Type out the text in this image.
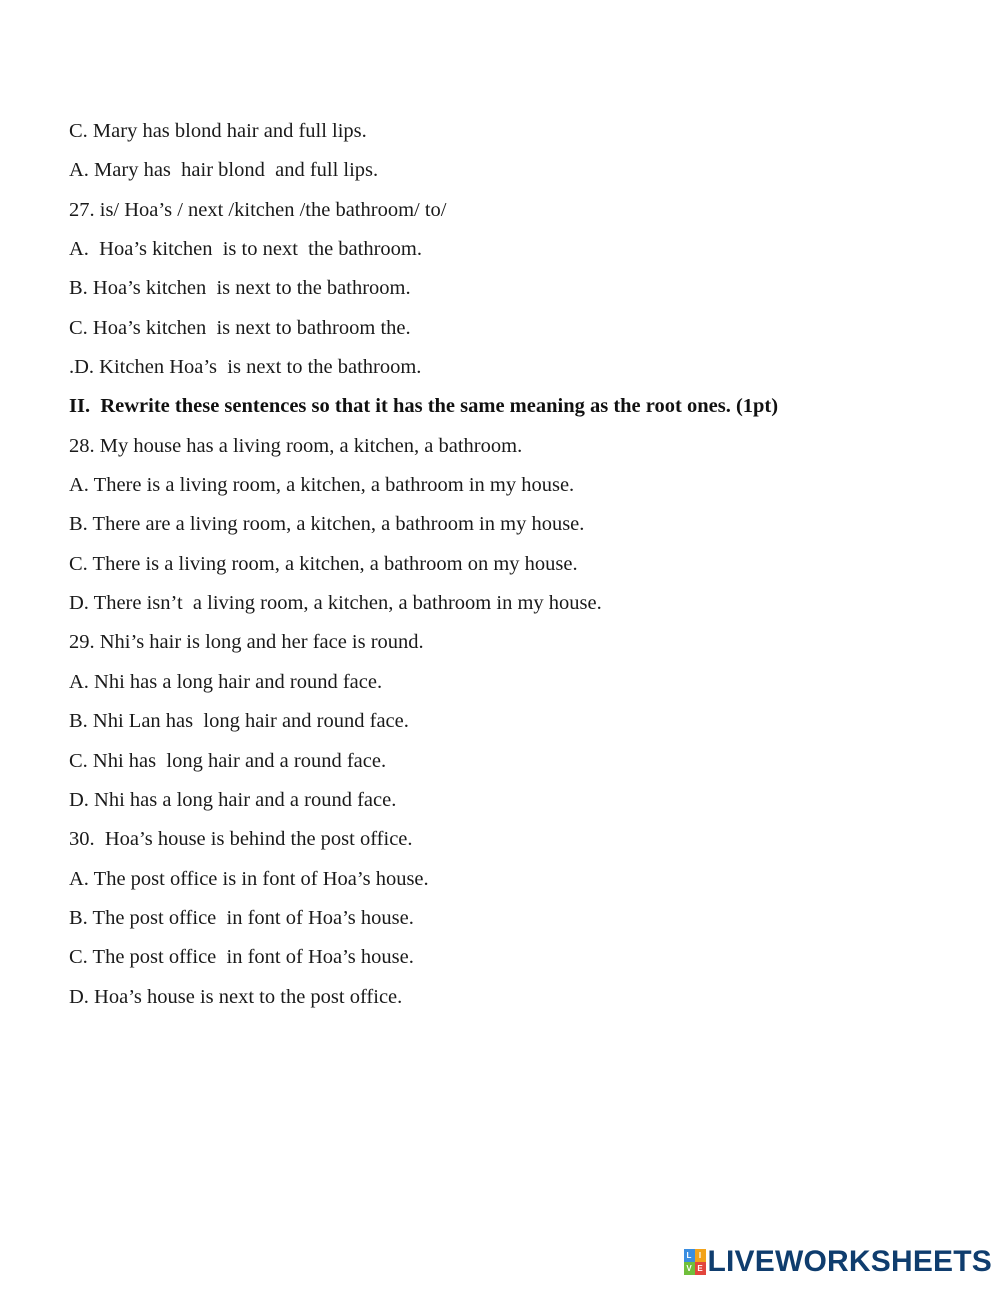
C. Mary has blond hair and full lips.
A. Mary has  hair blond  and full lips.
27. is/ Hoa’s / next /kitchen /the bathroom/ to/
A.  Hoa’s kitchen  is to next  the bathroom.
B. Hoa’s kitchen  is next to the bathroom.
C. Hoa’s kitchen  is next to bathroom the.
.D. Kitchen Hoa’s  is next to the bathroom.
II.  Rewrite these sentences so that it has the same meaning as the root ones. (1pt)
28. My house has a living room, a kitchen, a bathroom.
A. There is a living room, a kitchen, a bathroom in my house.
B. There are a living room, a kitchen, a bathroom in my house.
C. There is a living room, a kitchen, a bathroom on my house.
D. There isn’t  a living room, a kitchen, a bathroom in my house.
29. Nhi’s hair is long and her face is round.
A. Nhi has a long hair and round face.
B. Nhi Lan has  long hair and round face.
C. Nhi has  long hair and a round face.
D. Nhi has a long hair and a round face.
30.  Hoa’s house is behind the post office.
A. The post office is in font of Hoa’s house.
B. The post office  in font of Hoa’s house.
C. The post office  in font of Hoa’s house.
D. Hoa’s house is next to the post office.
L I
V E LIVEWORKSHEETS
